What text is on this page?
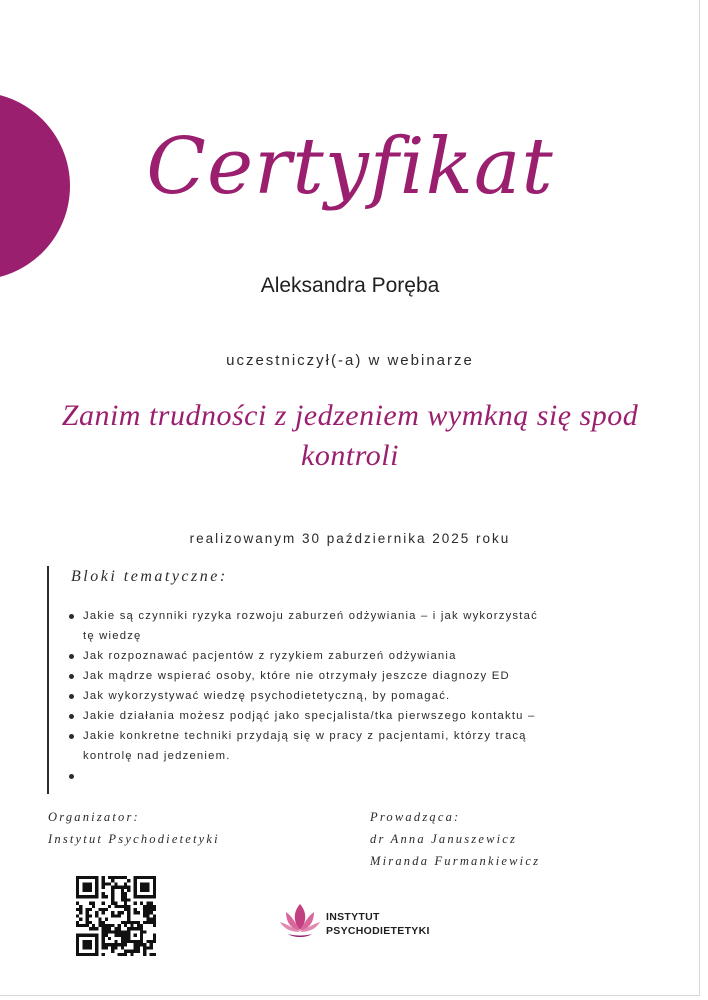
Certyfikat
Aleksandra Poręba
uczestniczył(-a) w webinarze
Zanim trudności z jedzeniem wymkną się spod kontroli
realizowanym 30 października 2025 roku
Bloki tematyczne:
Jakie są czynniki ryzyka rozwoju zaburzeń odżywiania – i jak wykorzystać
tę wiedzę
Jak rozpoznawać pacjentów z ryzykiem zaburzeń odżywiania
Jak mądrze wspierać osoby, które nie otrzymały jeszcze diagnozy ED
Jak wykorzystywać wiedzę psychodietetyczną, by pomagać.
Jakie działania możesz podjąć jako specjalista/tka pierwszego kontaktu –
Jakie konkretne techniki przydają się w pracy z pacjentami, którzy tracą
kontrolę nad jedzeniem.
Organizator:
Instytut Psychodietetyki
Prowadząca:
dr Anna Januszewicz
Miranda Furmankiewicz
INSTYTUT
PSYCHODIETETYKI
